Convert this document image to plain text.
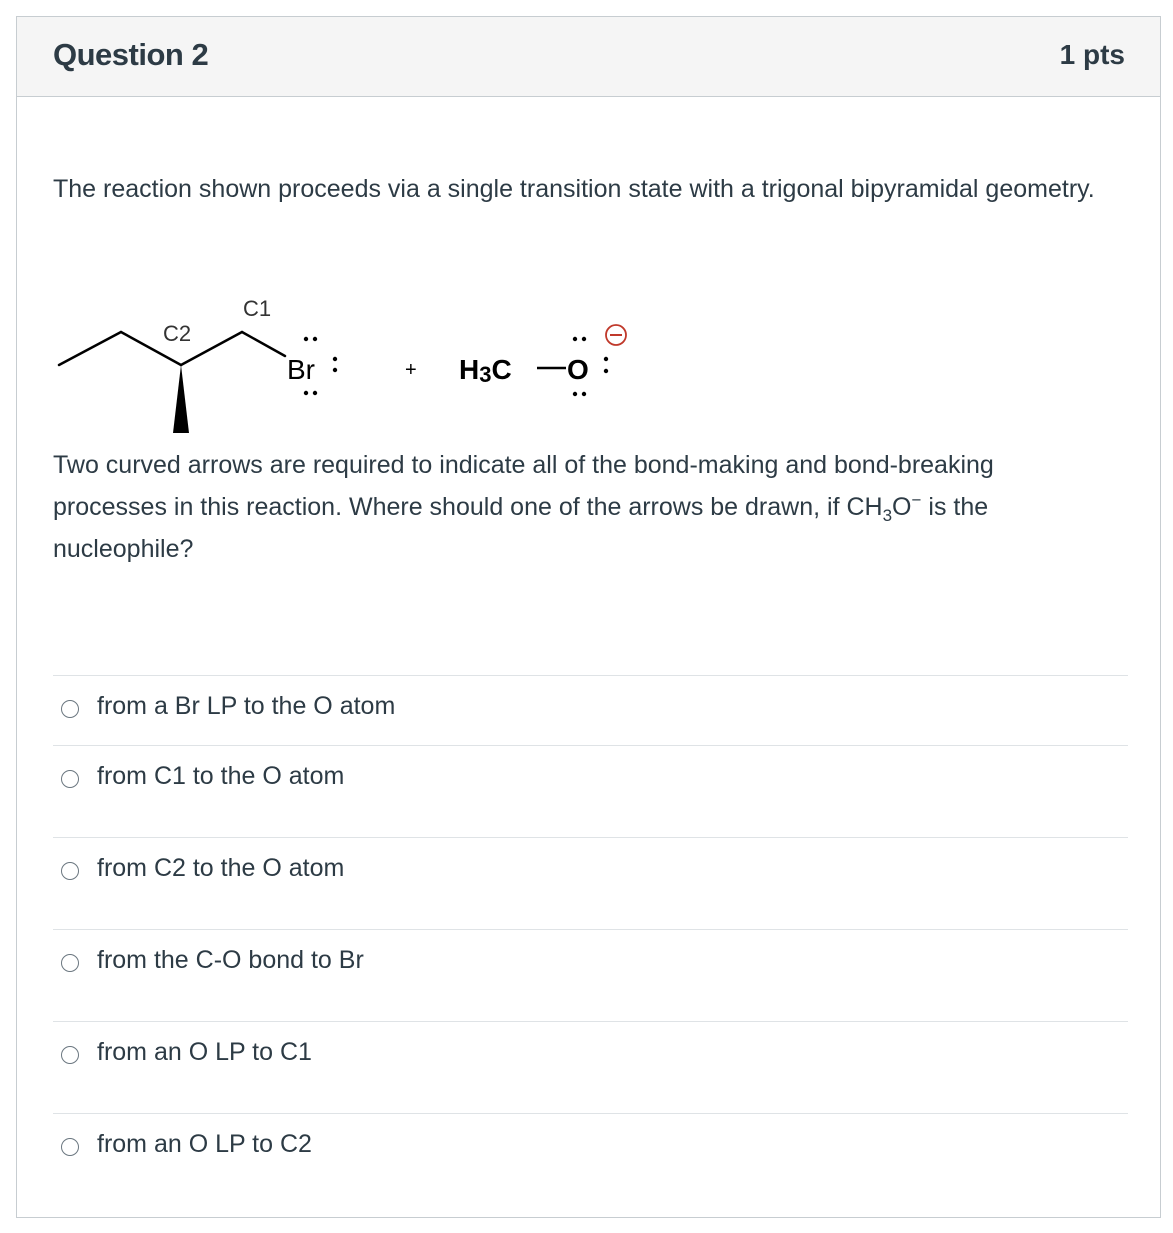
Question 2	1 pts
The reaction shown proceeds via a single transition state with a trigonal bipyramidal geometry.
C2
C1
Br	+ H3C O
Two curved arrows are required to indicate all of the bond-making and bond-breaking processes in this reaction. Where should one of the arrows be drawn, if $CH_3O^-$ is the nucleophile?
from a Br LP to the O atom
from C1 to the O atom
from C2 to the O atom
from the C-O bond to Br
from an O LP to C1
from an O LP to C2
